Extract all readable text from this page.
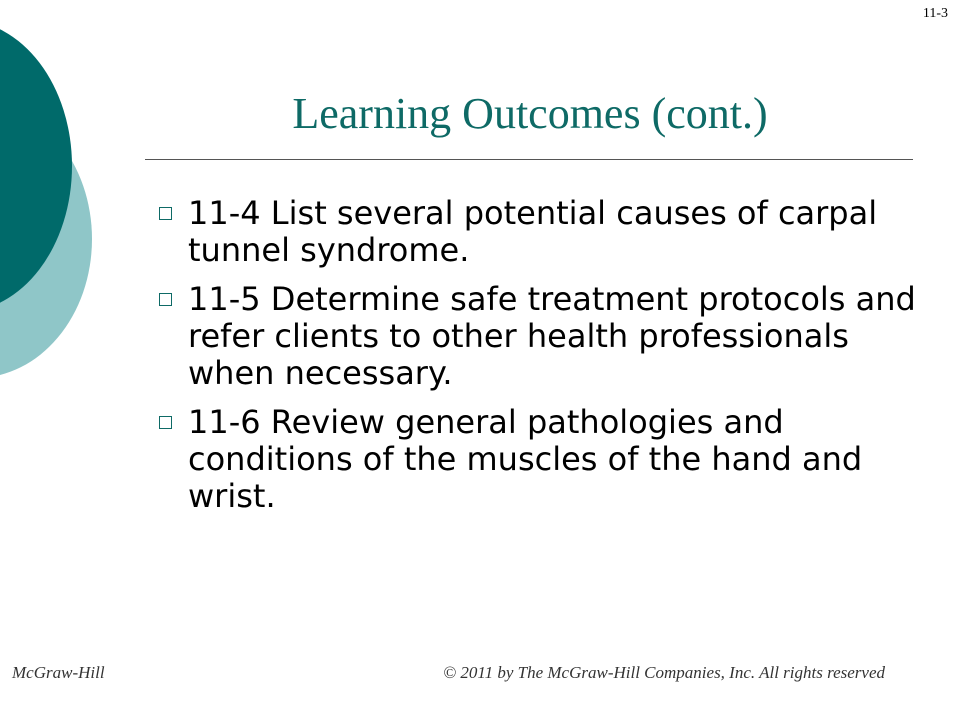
11-3
Learning Outcomes (cont.)
11-4 List several potential causes of carpal tunnel syndrome.
11-5 Determine safe treatment protocols and refer clients to other health professionals when necessary.
11-6 Review general pathologies and conditions of the muscles of the hand and wrist.
McGraw-Hill	© 2011 by The McGraw-Hill Companies, Inc. All rights reserved
